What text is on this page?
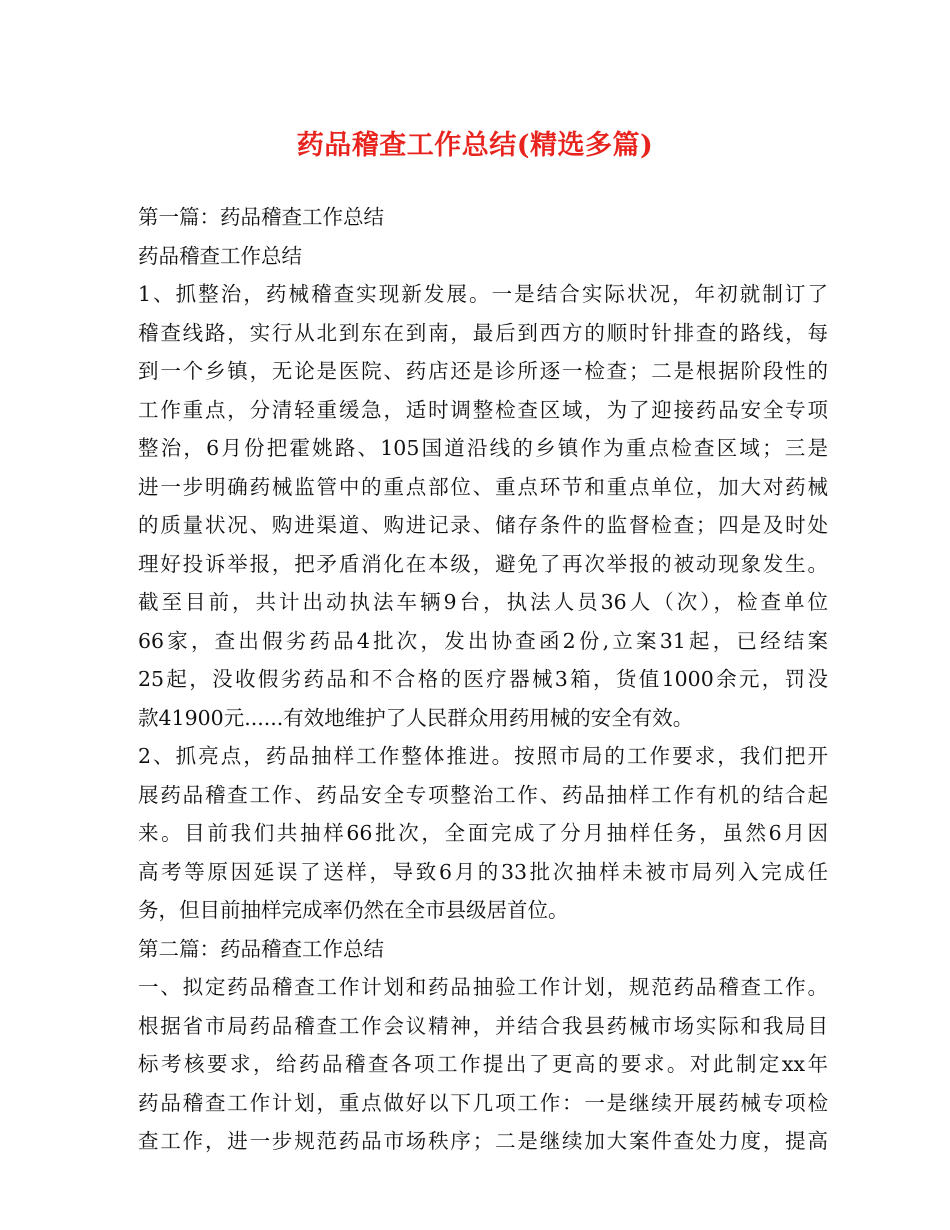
药品稽查工作总结(精选多篇)
第一篇：药品稽查工作总结
药品稽查工作总结
1、抓整治，药械稽查实现新发展。一是结合实际状况，年初就制订了
稽查线路，实行从北到东在到南，最后到西方的顺时针排查的路线，每
到一个乡镇，无论是医院、药店还是诊所逐一检查；二是根据阶段性的
工作重点，分清轻重缓急，适时调整检查区域，为了迎接药品安全专项
整治，6月份把霍姚路、105国道沿线的乡镇作为重点检查区域；三是
进一步明确药械监管中的重点部位、重点环节和重点单位，加大对药械
的质量状况、购进渠道、购进记录、储存条件的监督检查；四是及时处
理好投诉举报，把矛盾消化在本级，避免了再次举报的被动现象发生。
截至目前，共计出动执法车辆9台，执法人员36人（次），检查单位
66家，查出假劣药品4批次，发出协查函2份,立案31起，已经结案
25起，没收假劣药品和不合格的医疗器械3箱，货值1000余元，罚没
款41900元......有效地维护了人民群众用药用械的安全有效。
2、抓亮点，药品抽样工作整体推进。按照市局的工作要求，我们把开
展药品稽查工作、药品安全专项整治工作、药品抽样工作有机的结合起
来。目前我们共抽样66批次，全面完成了分月抽样任务，虽然6月因
高考等原因延误了送样，导致6月的33批次抽样未被市局列入完成任
务，但目前抽样完成率仍然在全市县级居首位。
第二篇：药品稽查工作总结
一、拟定药品稽查工作计划和药品抽验工作计划，规范药品稽查工作。
根据省市局药品稽查工作会议精神，并结合我县药械市场实际和我局目
标考核要求，给药品稽查各项工作提出了更高的要求。对此制定xx年
药品稽查工作计划，重点做好以下几项工作：一是继续开展药械专项检
查工作，进一步规范药品市场秩序；二是继续加大案件查处力度，提高
